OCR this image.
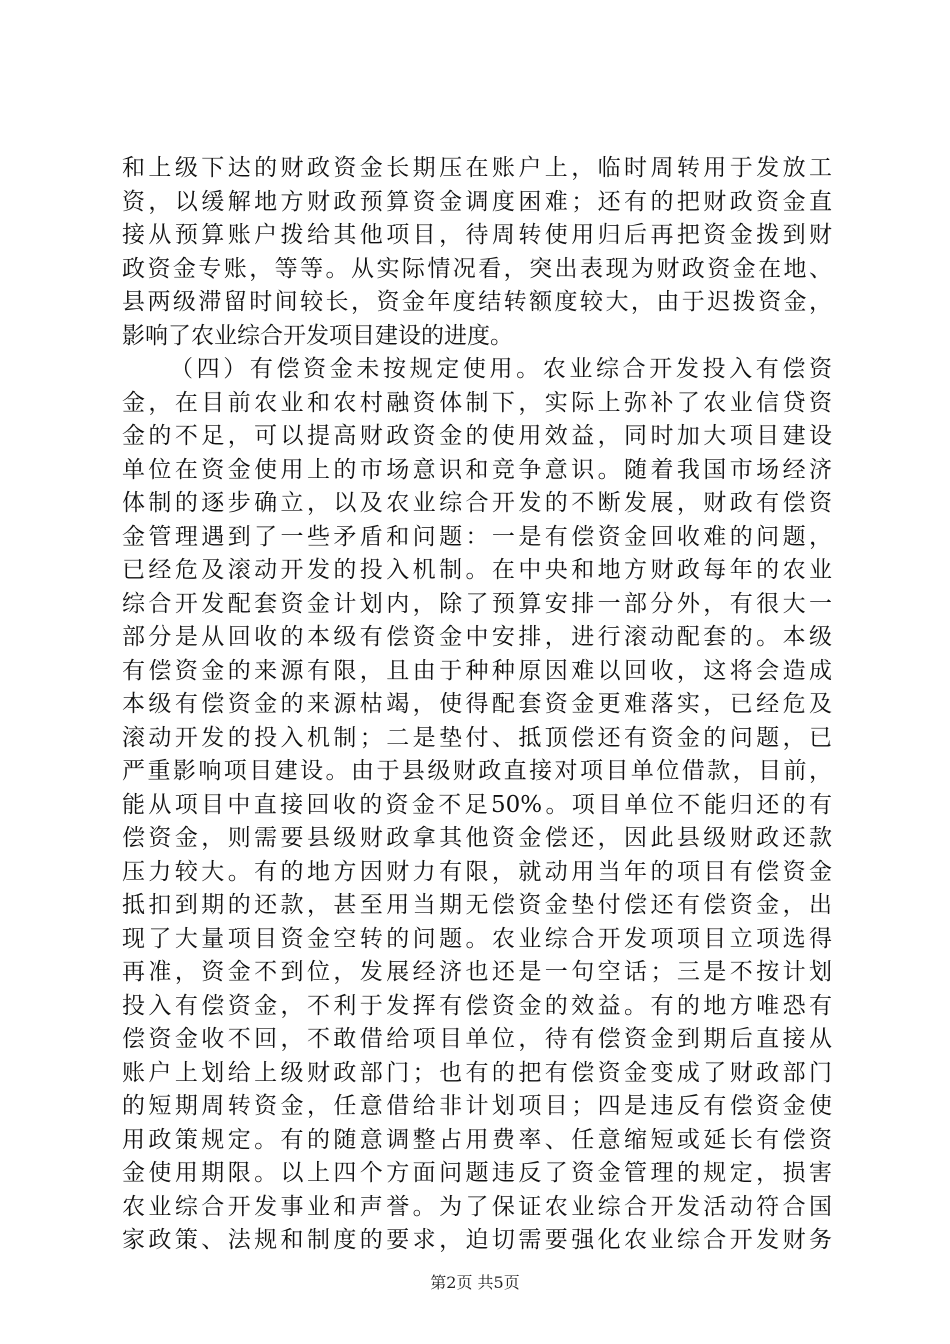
和上级下达的财政资金长期压在账户上，临时周转用于发放工
资，以缓解地方财政预算资金调度困难；还有的把财政资金直
接从预算账户拨给其他项目，待周转使用归后再把资金拨到财
政资金专账，等等。从实际情况看，突出表现为财政资金在地、
县两级滞留时间较长，资金年度结转额度较大，由于迟拨资金，
影响了农业综合开发项目建设的进度。
（四）有偿资金未按规定使用。农业综合开发投入有偿资
金，在目前农业和农村融资体制下，实际上弥补了农业信贷资
金的不足，可以提高财政资金的使用效益，同时加大项目建设
单位在资金使用上的市场意识和竞争意识。随着我国市场经济
体制的逐步确立，以及农业综合开发的不断发展，财政有偿资
金管理遇到了一些矛盾和问题：一是有偿资金回收难的问题，
已经危及滚动开发的投入机制。在中央和地方财政每年的农业
综合开发配套资金计划内，除了预算安排一部分外，有很大一
部分是从回收的本级有偿资金中安排，进行滚动配套的。本级
有偿资金的来源有限，且由于种种原因难以回收，这将会造成
本级有偿资金的来源枯竭，使得配套资金更难落实，已经危及
滚动开发的投入机制；二是垫付、抵顶偿还有资金的问题，已
严重影响项目建设。由于县级财政直接对项目单位借款，目前，
能从项目中直接回收的资金不足50%。项目单位不能归还的有
偿资金，则需要县级财政拿其他资金偿还，因此县级财政还款
压力较大。有的地方因财力有限，就动用当年的项目有偿资金
抵扣到期的还款，甚至用当期无偿资金垫付偿还有偿资金，出
现了大量项目资金空转的问题。农业综合开发项项目立项选得
再准，资金不到位，发展经济也还是一句空话；三是不按计划
投入有偿资金，不利于发挥有偿资金的效益。有的地方唯恐有
偿资金收不回，不敢借给项目单位，待有偿资金到期后直接从
账户上划给上级财政部门；也有的把有偿资金变成了财政部门
的短期周转资金，任意借给非计划项目；四是违反有偿资金使
用政策规定。有的随意调整占用费率、任意缩短或延长有偿资
金使用期限。以上四个方面问题违反了资金管理的规定，损害
农业综合开发事业和声誉。为了保证农业综合开发活动符合国
家政策、法规和制度的要求，迫切需要强化农业综合开发财务
第2页 共5页
